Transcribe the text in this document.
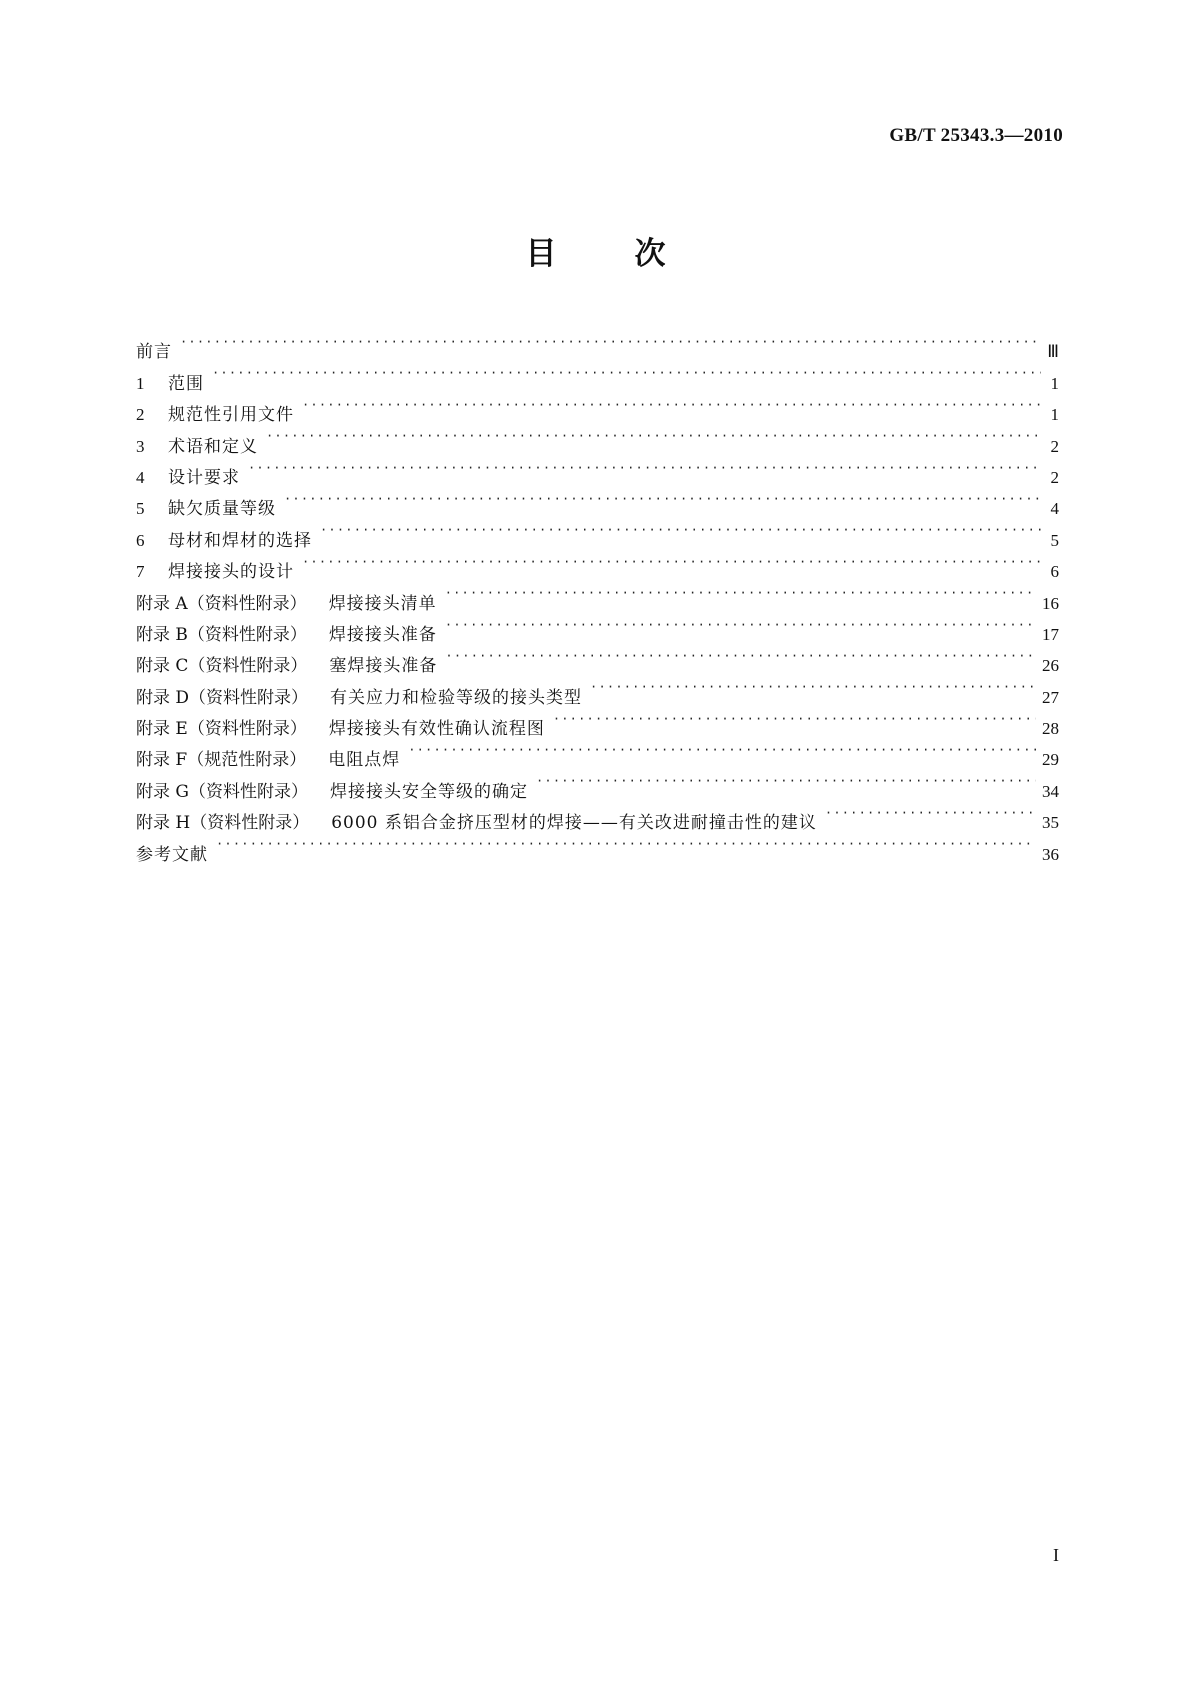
GB/T 25343.3—2010
目	次
前言 ·····	Ⅲ
1	范围 ·····	1
2	规范性引用文件 ·····	1
3	术语和定义 ·····	2
4	设计要求 ·····	2
5	缺欠质量等级 ·····	4
6	母材和焊材的选择 ·····	5
7	焊接接头的设计 ·····	6
附录 A（资料性附录） 焊接接头清单 ·····	16
附录 B（资料性附录） 焊接接头准备 ·····	17
附录 C（资料性附录） 塞焊接头准备 ·····	26
附录 D（资料性附录） 有关应力和检验等级的接头类型 ·····	27
附录 E（资料性附录） 焊接接头有效性确认流程图 ·····	28
附录 F（规范性附录） 电阻点焊 ·····	29
附录 G（资料性附录） 焊接接头安全等级的确定 ·····	34
附录 H（资料性附录） 6000 系铝合金挤压型材的焊接——有关改进耐撞击性的建议 ·····	35
参考文献 ·····	36
I
